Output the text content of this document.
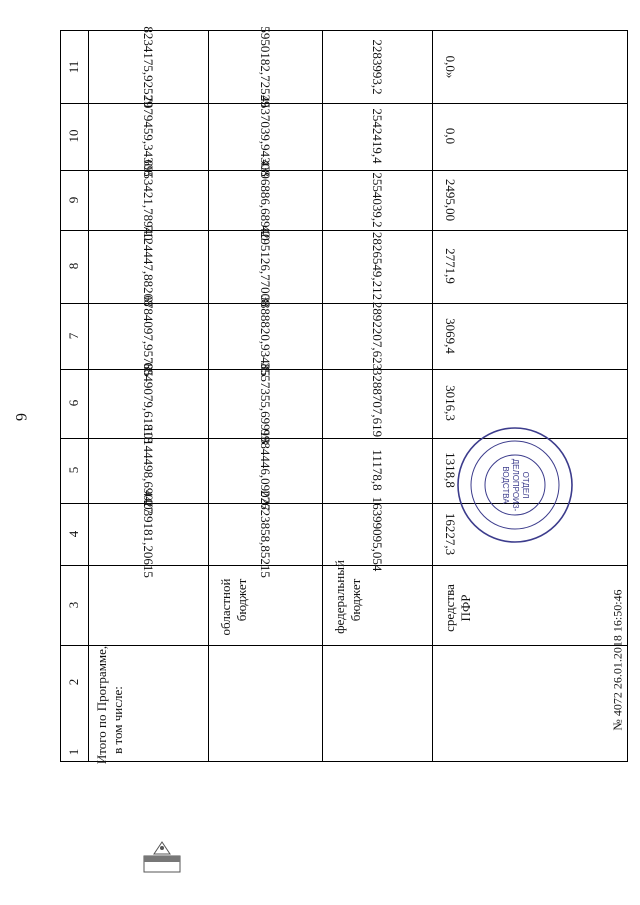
6
1
2
3
4
5
6
7
8
9
10
11
Итого по Программе, в том числе:
областной бюджет	федеральный бюджет	средства ПФР
44039181,20615
10144498,69027
6849079,61818
6784097,95785
7124447,88208
6953421,78940
7079459,34308
8234175,92529
27623858,85215
9984446,09027
3557355,69918
3888820,93485
4295126,77008
4396886,68940
4537039,94308
5950182,72529
16399095,054
11178,8
3288707,619
2892207,623
2826549,212
2554039,2
2542419,4
2283993,2
16227,3
1318,8
3016,3
3069,4
2771,9
2495,00
0,0
0,0»
ОТДЕЛ
ДЕЛОПРОИЗ-
ВОДСТВА
№ 4072 26.01.2018 16:50:46
